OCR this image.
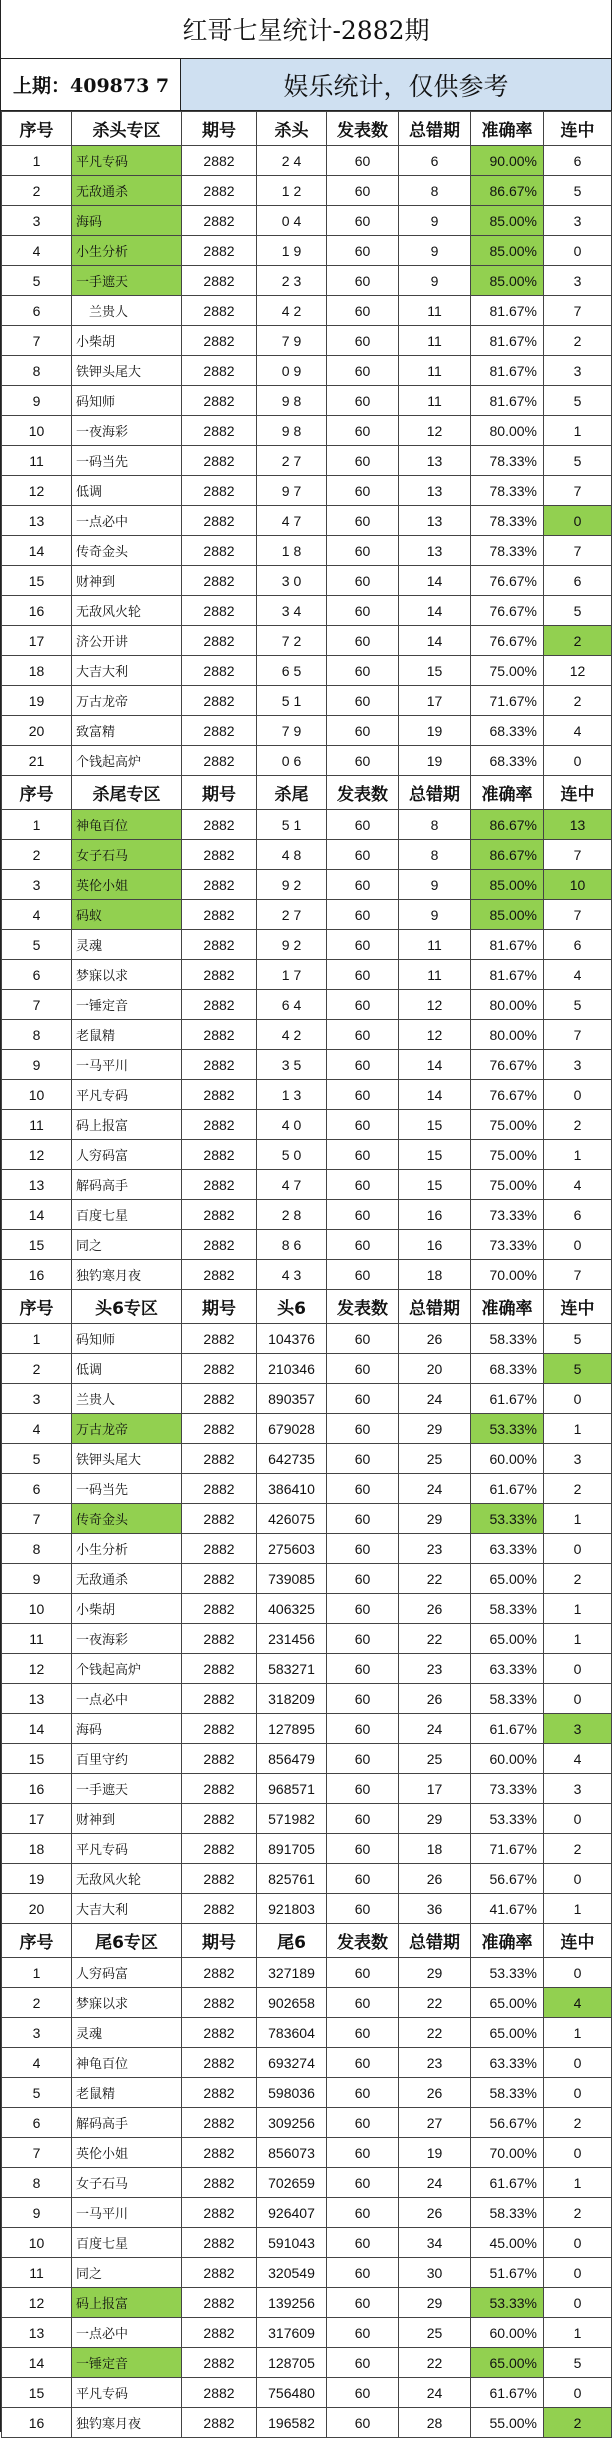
红哥七星统计-2882期
上期：409873 7	娱乐统计，仅供参考
序号	杀头专区	期号	杀头	发表数	总错期	准确率	连中
1	平凡专码	2882	2 4	60	6	90.00%	6
2	无敌通杀	2882	1 2	60	8	86.67%	5
3	海码	2882	0 4	60	9	85.00%	3
4	小生分析	2882	1 9	60	9	85.00%	0
5	一手遮天	2882	2 3	60	9	85.00%	3
6	　兰贵人	2882	4 2	60	11	81.67%	7
7	小柴胡	2882	7 9	60	11	81.67%	2
8	铁钾头尾大	2882	0 9	60	11	81.67%	3
9	码知师	2882	9 8	60	11	81.67%	5
10	一夜海彩	2882	9 8	60	12	80.00%	1
11	一码当先	2882	2 7	60	13	78.33%	5
12	低调	2882	9 7	60	13	78.33%	7
13	一点必中	2882	4 7	60	13	78.33%	0
14	传奇金头	2882	1 8	60	13	78.33%	7
15	财神到	2882	3 0	60	14	76.67%	6
16	无敌风火轮	2882	3 4	60	14	76.67%	5
17	济公开讲	2882	7 2	60	14	76.67%	2
18	大吉大利	2882	6 5	60	15	75.00%	12
19	万古龙帝	2882	5 1	60	17	71.67%	2
20	致富精	2882	7 9	60	19	68.33%	4
21	个钱起高炉	2882	0 6	60	19	68.33%	0
序号	杀尾专区	期号	杀尾	发表数	总错期	准确率	连中
1	神龟百位	2882	5 1	60	8	86.67%	13
2	女子石马	2882	4 8	60	8	86.67%	7
3	英伦小姐	2882	9 2	60	9	85.00%	10
4	码蚁	2882	2 7	60	9	85.00%	7
5	灵魂	2882	9 2	60	11	81.67%	6
6	梦寐以求	2882	1 7	60	11	81.67%	4
7	一锤定音	2882	6 4	60	12	80.00%	5
8	老鼠精	2882	4 2	60	12	80.00%	7
9	一马平川	2882	3 5	60	14	76.67%	3
10	平凡专码	2882	1 3	60	14	76.67%	0
11	码上报富	2882	4 0	60	15	75.00%	2
12	人穷码富	2882	5 0	60	15	75.00%	1
13	解码高手	2882	4 7	60	15	75.00%	4
14	百度七星	2882	2 8	60	16	73.33%	6
15	同之	2882	8 6	60	16	73.33%	0
16	独钓寒月夜	2882	4 3	60	18	70.00%	7
序号	头6专区	期号	头6	发表数	总错期	准确率	连中
1	码知师	2882	104376	60	26	58.33%	5
2	低调	2882	210346	60	20	68.33%	5
3	兰贵人	2882	890357	60	24	61.67%	0
4	万古龙帝	2882	679028	60	29	53.33%	1
5	铁钾头尾大	2882	642735	60	25	60.00%	3
6	一码当先	2882	386410	60	24	61.67%	2
7	传奇金头	2882	426075	60	29	53.33%	1
8	小生分析	2882	275603	60	23	63.33%	0
9	无敌通杀	2882	739085	60	22	65.00%	2
10	小柴胡	2882	406325	60	26	58.33%	1
11	一夜海彩	2882	231456	60	22	65.00%	1
12	个钱起高炉	2882	583271	60	23	63.33%	0
13	一点必中	2882	318209	60	26	58.33%	0
14	海码	2882	127895	60	24	61.67%	3
15	百里守约	2882	856479	60	25	60.00%	4
16	一手遮天	2882	968571	60	17	73.33%	3
17	财神到	2882	571982	60	29	53.33%	0
18	平凡专码	2882	891705	60	18	71.67%	2
19	无敌风火轮	2882	825761	60	26	56.67%	0
20	大吉大利	2882	921803	60	36	41.67%	1
序号	尾6专区	期号	尾6	发表数	总错期	准确率	连中
1	人穷码富	2882	327189	60	29	53.33%	0
2	梦寐以求	2882	902658	60	22	65.00%	4
3	灵魂	2882	783604	60	22	65.00%	1
4	神龟百位	2882	693274	60	23	63.33%	0
5	老鼠精	2882	598036	60	26	58.33%	0
6	解码高手	2882	309256	60	27	56.67%	2
7	英伦小姐	2882	856073	60	19	70.00%	0
8	女子石马	2882	702659	60	24	61.67%	1
9	一马平川	2882	926407	60	26	58.33%	2
10	百度七星	2882	591043	60	34	45.00%	0
11	同之	2882	320549	60	30	51.67%	0
12	码上报富	2882	139256	60	29	53.33%	0
13	一点必中	2882	317609	60	25	60.00%	1
14	一锤定音	2882	128705	60	22	65.00%	5
15	平凡专码	2882	756480	60	24	61.67%	0
16	独钓寒月夜	2882	196582	60	28	55.00%	2
